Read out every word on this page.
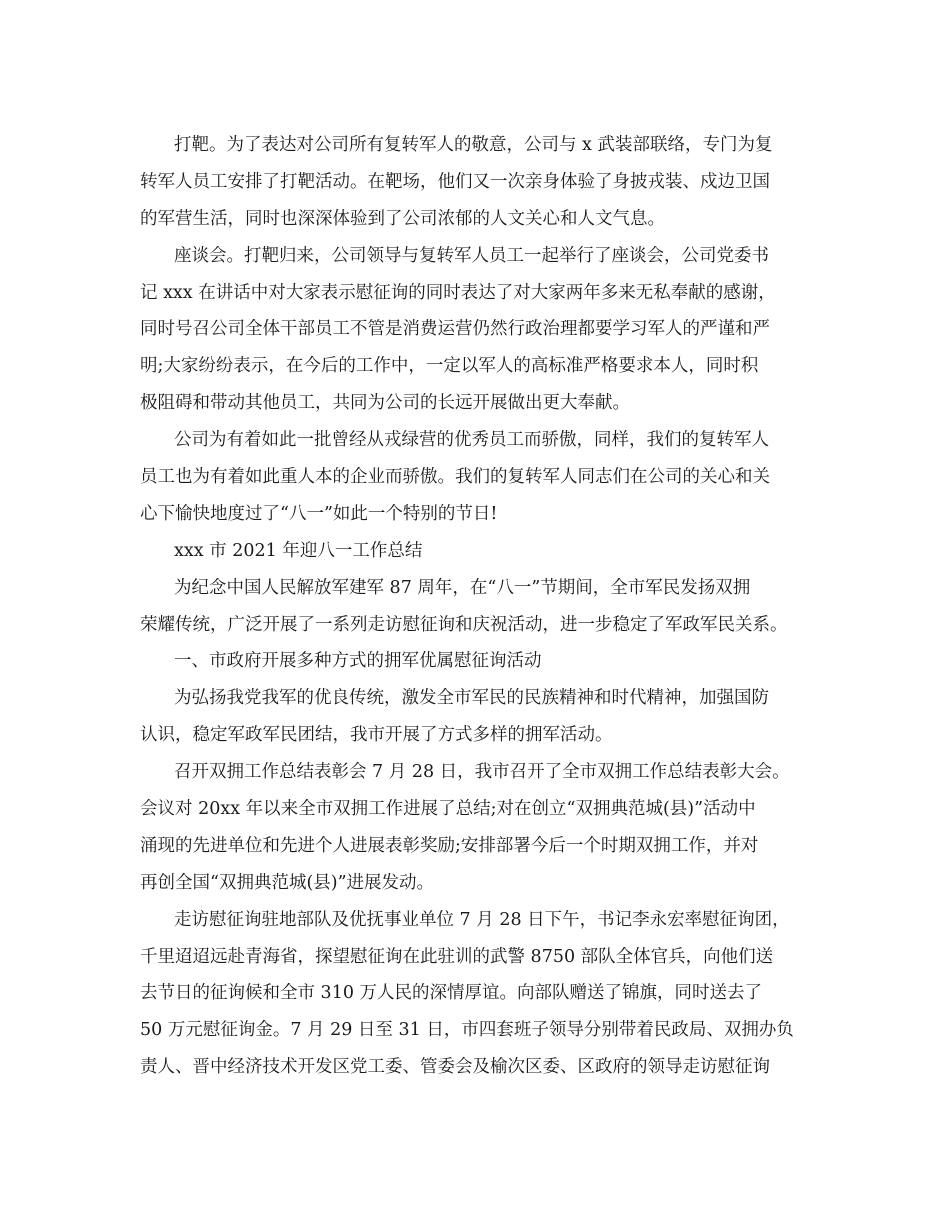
打靶。为了表达对公司所有复转军人的敬意，公司与 x 武装部联络，专门为复
转军人员工安排了打靶活动。在靶场，他们又一次亲身体验了身披戎装、戍边卫国
的军营生活，同时也深深体验到了公司浓郁的人文关心和人文气息。
座谈会。打靶归来，公司领导与复转军人员工一起举行了座谈会，公司党委书
记 xxx 在讲话中对大家表示慰征询的同时表达了对大家两年多来无私奉献的感谢，
同时号召公司全体干部员工不管是消费运营仍然行政治理都要学习军人的严谨和严
明;大家纷纷表示，在今后的工作中，一定以军人的高标准严格要求本人，同时积
极阻碍和带动其他员工，共同为公司的长远开展做出更大奉献。
公司为有着如此一批曾经从戎绿营的优秀员工而骄傲，同样，我们的复转军人
员工也为有着如此重人本的企业而骄傲。我们的复转军人同志们在公司的关心和关
心下愉快地度过了“八一”如此一个特别的节日!
xxx 市 2021 年迎八一工作总结
为纪念中国人民解放军建军 87 周年，在“八一”节期间，全市军民发扬双拥
荣耀传统，广泛开展了一系列走访慰征询和庆祝活动，进一步稳定了军政军民关系。
一、市政府开展多种方式的拥军优属慰征询活动
为弘扬我党我军的优良传统，激发全市军民的民族精神和时代精神，加强国防
认识，稳定军政军民团结，我市开展了方式多样的拥军活动。
召开双拥工作总结表彰会 7 月 28 日，我市召开了全市双拥工作总结表彰大会。
会议对 20xx 年以来全市双拥工作进展了总结;对在创立“双拥典范城(县)”活动中
涌现的先进单位和先进个人进展表彰奖励;安排部署今后一个时期双拥工作，并对
再创全国“双拥典范城(县)”进展发动。
走访慰征询驻地部队及优抚事业单位 7 月 28 日下午，书记李永宏率慰征询团，
千里迢迢远赴青海省，探望慰征询在此驻训的武警 8750 部队全体官兵，向他们送
去节日的征询候和全市 310 万人民的深情厚谊。向部队赠送了锦旗，同时送去了
50 万元慰征询金。7 月 29 日至 31 日，市四套班子领导分别带着民政局、双拥办负
责人、晋中经济技术开发区党工委、管委会及榆次区委、区政府的领导走访慰征询
